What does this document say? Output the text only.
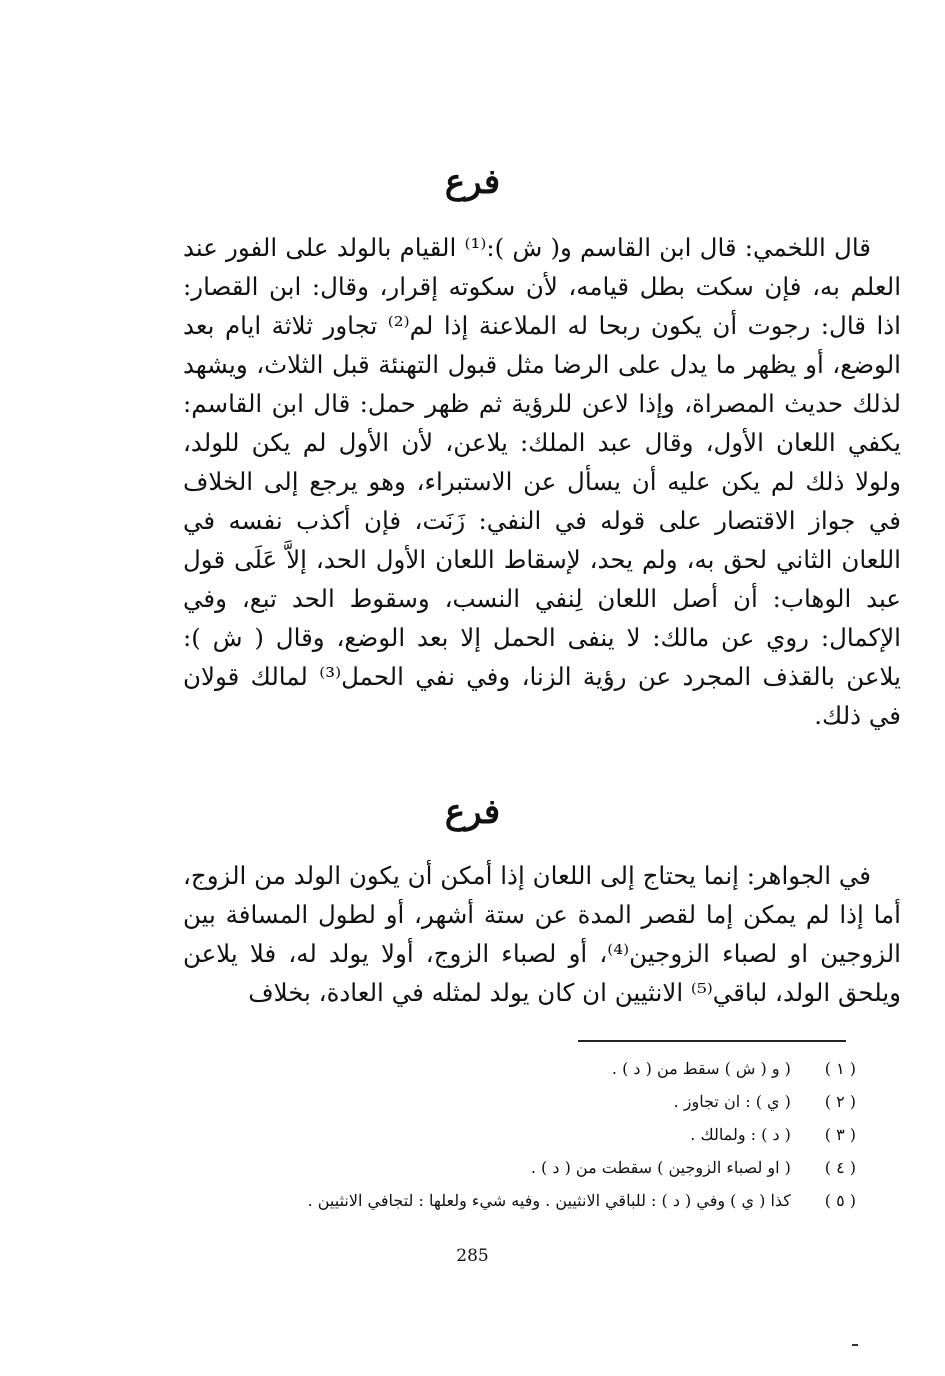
فرع
قال اللخمي: قال ابن القاسم و( ش ):⁽¹⁾ القيام بالولد على الفور عند العلم به، فإن سكت بطل قيامه، لأن سكوته إقرار، وقال: ابن القصار: اذا قال: رجوت أن يكون ربحا له الملاعنة إذا لم⁽²⁾ تجاور ثلاثة ايام بعد الوضع، أو يظهر ما يدل على الرضا مثل قبول التهنئة قبل الثلاث، ويشهد لذلك حديث المصراة، وإذا لاعن للرؤية ثم ظهر حمل: قال ابن القاسم: يكفي اللعان الأول، وقال عبد الملك: يلاعن، لأن الأول لم يكن للولد، ولولا ذلك لم يكن عليه أن يسأل عن الاستبراء، وهو يرجع إلى الخلاف في جواز الاقتصار على قوله في النفي: زَنَت، فإن أكذب نفسه في اللعان الثاني لحق به، ولم يحد، لإسقاط اللعان الأول الحد، إلاَّ عَلَى قول عبد الوهاب: أن أصل اللعان لِنفي النسب، وسقوط الحد تبع، وفي الإكمال: روي عن مالك: لا ينفى الحمل إلا بعد الوضع، وقال ( ش ): يلاعن بالقذف المجرد عن رؤية الزنا، وفي نفي الحمل⁽³⁾ لمالك قولان في ذلك.
فرع
في الجواهر: إنما يحتاج إلى اللعان إذا أمكن أن يكون الولد من الزوج، أما إذا لم يمكن إما لقصر المدة عن ستة أشهر، أو لطول المسافة بين الزوجين او لصباء الزوجين⁽⁴⁾، أو لصباء الزوج، أولا يولد له، فلا يلاعن ويلحق الولد، لباقي⁽⁵⁾ الانثيين ان كان يولد لمثله في العادة، بخلاف
( ١ ) ( و ( ش ) سقط من ( د ) .
( ٢ ) ( ي ) : ان تجاوز .
( ٣ ) ( د ) : ولمالك .
( ٤ ) ( او لصباء الزوجين ) سقطت من ( د ) .
( ٥ ) كذا ( ي ) وفي ( د ) : للباقي الانثيين . وفيه شيء ولعلها : لتجافي الانثيين .
285
